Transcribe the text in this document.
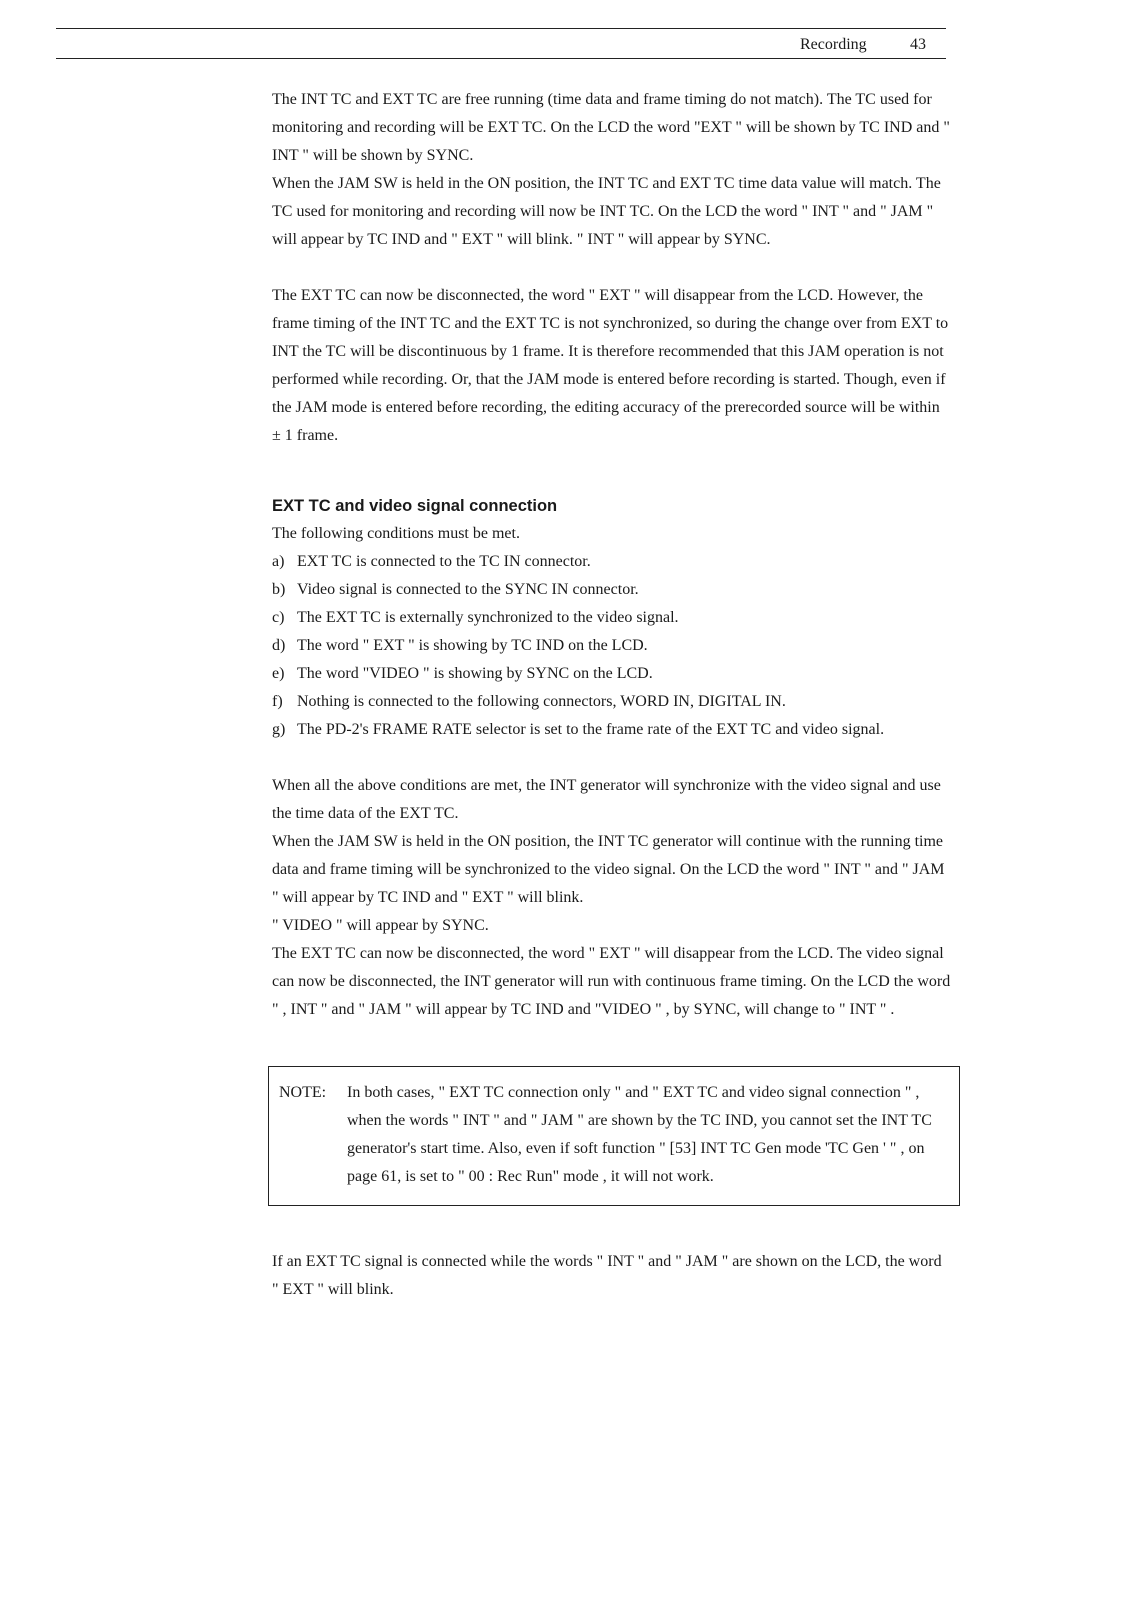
Recording	43

The INT TC and EXT TC are free running (time data and frame timing do not match). The TC used for monitoring and recording will be EXT TC. On the LCD the word "EXT " will be shown by TC IND and " INT " will be shown by SYNC.

When the JAM SW is held in the ON position, the INT TC and EXT TC time data value will match. The TC used for monitoring and recording will now be INT TC. On the LCD the word " INT " and " JAM " will appear by TC IND and " EXT " will blink. " INT " will appear by SYNC.

The EXT TC can now be disconnected, the word " EXT " will disappear from the LCD. However, the frame timing of the INT TC and the EXT TC is not synchronized, so during the change over from EXT to INT the TC will be discontinuous by 1 frame. It is therefore recommended that this JAM operation is not performed while recording. Or, that the JAM mode is entered before recording is started. Though, even if the JAM mode is entered before recording, the editing accuracy of the prerecorded source will be within ± 1 frame.

EXT TC and video signal connection

The following conditions must be met.

a) EXT TC is connected to the TC IN connector.
b) Video signal is connected to the SYNC IN connector.
c) The EXT TC is externally synchronized to the video signal.
d) The word " EXT " is showing by TC IND on the LCD.
e) The word "VIDEO " is showing by SYNC on the LCD.
f) Nothing is connected to the following connectors, WORD IN, DIGITAL IN.
g) The PD-2's FRAME RATE selector is set to the frame rate of the EXT TC and video signal.

When all the above conditions are met, the INT generator will synchronize with the video signal and use the time data of the EXT TC.

When the JAM SW is held in the ON position, the INT TC generator will continue with the running time data and frame timing will be synchronized to the video signal. On the LCD the word " INT " and " JAM " will appear by TC IND and " EXT " will blink.

" VIDEO " will appear by SYNC.

The EXT TC can now be disconnected, the word " EXT " will disappear from the LCD. The video signal can now be disconnected, the INT generator will run with continuous frame timing. On the LCD the word " , INT " and " JAM " will appear by TC IND and "VIDEO " , by SYNC, will change to " INT " .

NOTE:	In both cases, " EXT TC connection only " and " EXT TC and video signal connection " , when the words " INT " and " JAM " are shown by the TC IND, you cannot set the INT TC generator's start time. Also, even if soft function " [53] INT TC Gen mode 'TC Gen ' " , on page 61, is set to " 00 : Rec Run" mode , it will not work.

If an EXT TC signal is connected while the words " INT " and " JAM " are shown on the LCD, the word " EXT " will blink.
